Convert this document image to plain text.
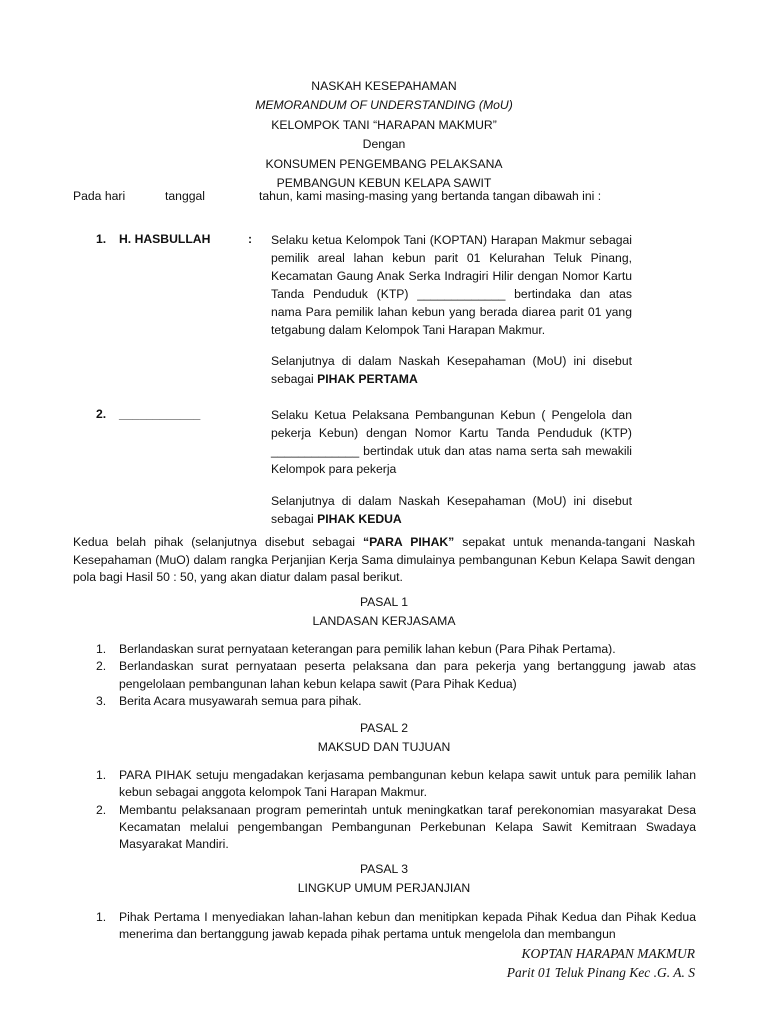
NASKAH KESEPAHAMAN
MEMORANDUM OF UNDERSTANDING (MoU)
KELOMPOK TANI “HARAPAN MAKMUR”
Dengan
KONSUMEN PENGEMBANG PELAKSANA
PEMBANGUN KEBUN KELAPA SAWIT
Pada hari	tanggal	tahun, kami masing-masing yang bertanda tangan dibawah ini :
1. H. HASBULLAH	: Selaku ketua Kelompok Tani (KOPTAN) Harapan Makmur sebagai pemilik areal lahan kebun parit 01 Kelurahan Teluk Pinang, Kecamatan Gaung Anak Serka Indragiri Hilir dengan Nomor Kartu Tanda Penduduk (KTP) _____________ bertindaka dan atas nama Para pemilik lahan kebun yang berada diarea parit 01 yang tetgabung dalam Kelompok Tani Harapan Makmur.

Selanjutnya di dalam Naskah Kesepahaman (MoU) ini disebut sebagai PIHAK PERTAMA

2. ____________	Selaku Ketua Pelaksana Pembangunan Kebun ( Pengelola dan pekerja Kebun) dengan Nomor Kartu Tanda Penduduk (KTP) _____________ bertindak utuk dan atas nama serta sah mewakili Kelompok para pekerja

Selanjutnya di dalam Naskah Kesepahaman (MoU) ini disebut sebagai PIHAK KEDUA

Kedua belah pihak (selanjutnya disebut sebagai “PARA PIHAK” sepakat untuk menanda-tangani Naskah Kesepahaman (MuO) dalam rangka Perjanjian Kerja Sama dimulainya pembangunan Kebun Kelapa Sawit dengan pola bagi Hasil 50 : 50, yang akan diatur dalam pasal berikut.
PASAL 1
LANDASAN KERJASAMA
1. Berlandaskan surat pernyataan keterangan para pemilik lahan kebun (Para Pihak Pertama).
2. Berlandaskan surat pernyataan peserta pelaksana dan para pekerja yang bertanggung jawab atas pengelolaan pembangunan lahan kebun kelapa sawit (Para Pihak Kedua)
3. Berita Acara musyawarah semua para pihak.
PASAL 2
MAKSUD DAN TUJUAN
1. PARA PIHAK setuju mengadakan kerjasama pembangunan kebun kelapa sawit untuk para pemilik lahan kebun sebagai anggota kelompok Tani Harapan Makmur.
2. Membantu pelaksanaan program pemerintah untuk meningkatkan taraf perekonomian masyarakat Desa Kecamatan melalui pengembangan Pembangunan Perkebunan Kelapa Sawit Kemitraan Swadaya Masyarakat Mandiri.
PASAL 3
LINGKUP UMUM PERJANJIAN
1. Pihak Pertama I menyediakan lahan-lahan kebun dan menitipkan kepada Pihak Kedua dan Pihak Kedua menerima dan bertanggung jawab kepada pihak pertama untuk mengelola dan membangun
KOPTAN HARAPAN MAKMUR
Parit 01 Teluk Pinang Kec .G. A. S
